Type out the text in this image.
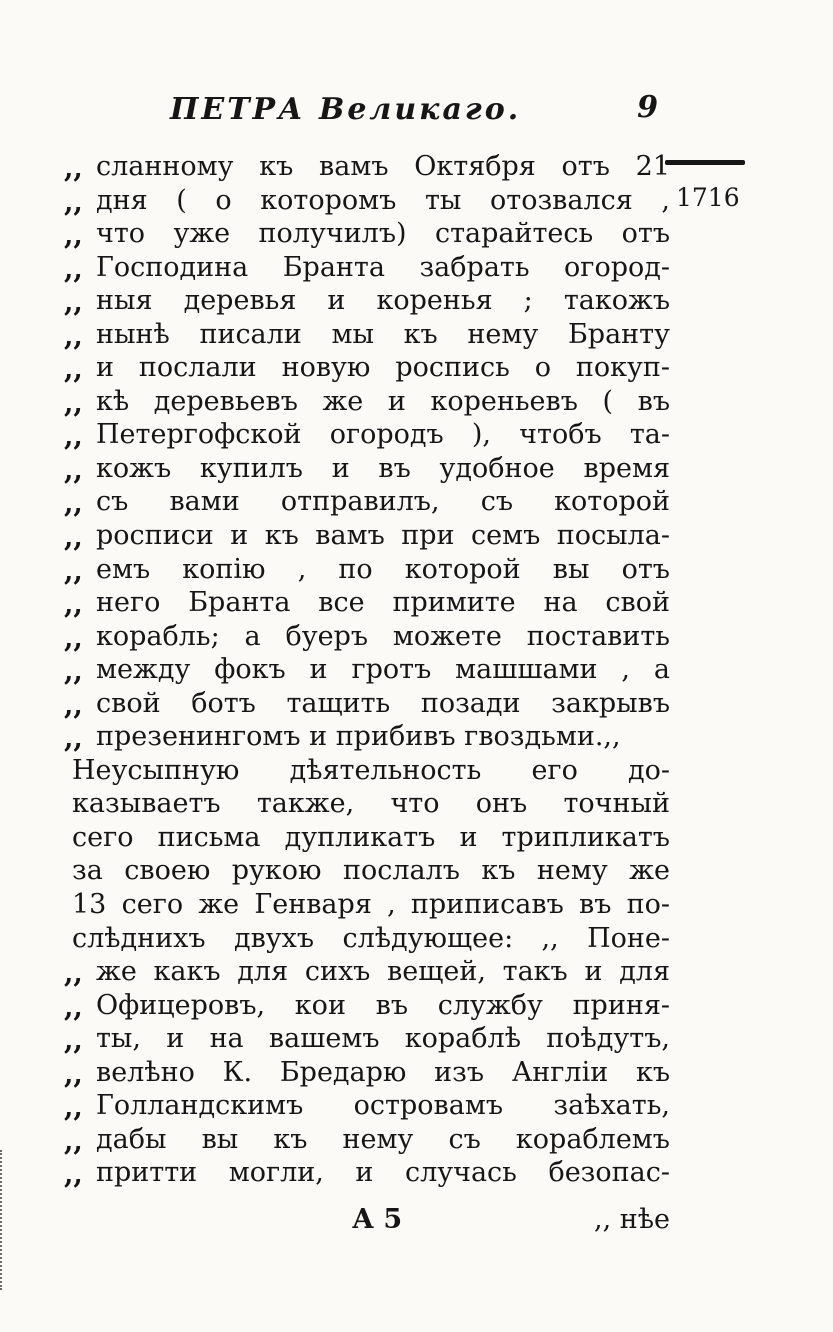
ПЕТРА Великаго.	9
1716
,, сланному къ вамъ Октября отъ 21
,, дня ( о которомъ ты отозвался ,
,, что уже получилъ) старайтесь отъ
,, Господина Бранта забрать огород-
,, ныя деревья и коренья ; такожъ
,, нынѣ писали мы къ нему Бранту
,, и послали новую роспись о покуп-
,, кѣ деревьевъ же и кореньевъ ( въ
,, Петергофской огородъ ), чтобъ та-
,, кожъ купилъ и въ удобное время
,, съ вами отправилъ, съ которой
,, росписи и къ вамъ при семъ посыла-
,, емъ копію , по которой вы отъ
,, него Бранта все примите на свой
,, корабль; а буеръ можете поставить
,, между фокъ и гротъ машшами , а
,, свой ботъ тащить позади закрывъ
,, презенингомъ и прибивъ гвоздьми.,,
Неусыпную дѣятельность его до-
казываетъ также, что онъ точный
сего письма дупликатъ и трипликатъ
за своею рукою послалъ къ нему же
13 сего же Генваря , приписавъ въ по-
слѣднихъ двухъ слѣдующее: ,, Поне-
,, же какъ для сихъ вещей, такъ и для
,, Офицеровъ, кои въ службу приня-
,, ты, и на вашемъ кораблѣ поѣдутъ,
,, велѣно К. Бредарю изъ Англіи къ
,, Голландскимъ островамъ заѣхать,
,, дабы вы къ нему съ кораблемъ
,, притти могли, и случась безопас-
А 5	,, нѣе
